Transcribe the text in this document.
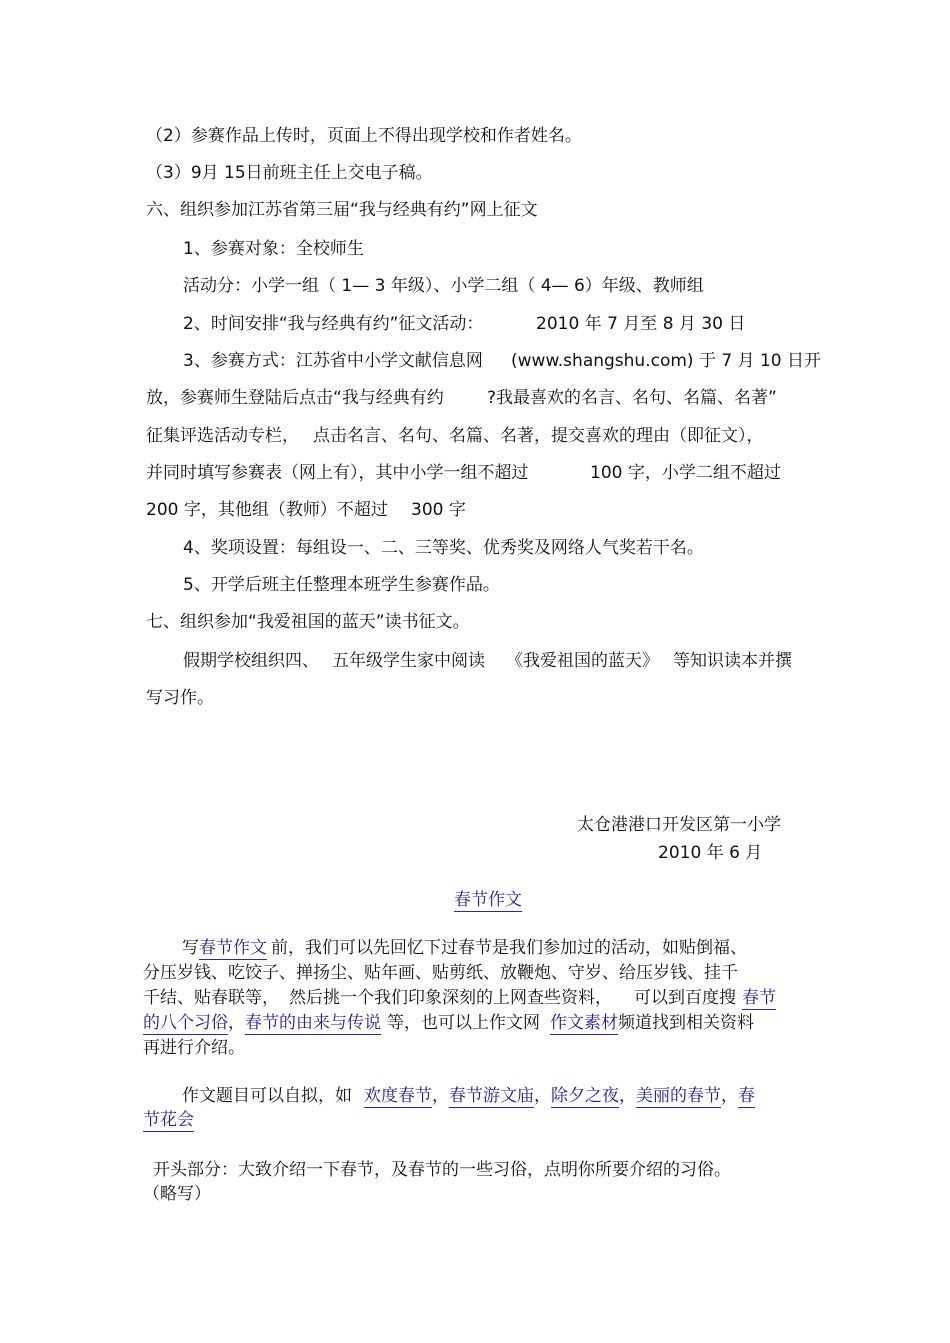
（2）参赛作品上传时，页面上不得出现学校和作者姓名。
（3）9月 15日前班主任上交电子稿。
六、组织参加江苏省第三届“我与经典有约”网上征文
1、参赛对象：全校师生
活动分：小学一组（ 1— 3 年级）、小学二组（ 4— 6）年级、教师组
2、时间安排“我与经典有约”征文活动：	2010 年 7 月至 8 月 30 日
3、参赛方式：江苏省中小学文献信息网 (www.shangshu.com) 于 7 月 10 日开
放，参赛师生登陆后点击“我与经典有约	?我最喜欢的名言、名句、名篇、名著”
征集评选活动专栏， 点击名言、名句、名篇、名著，提交喜欢的理由（即征文），
并同时填写参赛表（网上有），其中小学一组不超过	100 字，小学二组不超过
200 字，其他组（教师）不超过 300 字
4、奖项设置：每组设一、二、三等奖、优秀奖及网络人气奖若干名。
5、开学后班主任整理本班学生参赛作品。
七、组织参加“我爱祖国的蓝天”读书征文。
假期学校组织四、 五年级学生家中阅读 《我爱祖国的蓝天》 等知识读本并撰
写习作。
太仓港港口开发区第一小学
2010 年 6 月
春节作文
写春节作文 前，我们可以先回忆下过春节是我们参加过的活动，如贴倒福、
分压岁钱、吃饺子、掸扬尘、贴年画、贴剪纸、放鞭炮、守岁、给压岁钱、挂千
千结、贴春联等， 然后挑一个我们印象深刻的上网查些资料， 可以到百度搜 春节
的八个习俗，春节的由来与传说 等，也可以上作文网 作文素材频道找到相关资料
再进行介绍。
作文题目可以自拟，如 欢度春节，春节游文庙，除夕之夜，美丽的春节，春
节花会
开头部分：大致介绍一下春节，及春节的一些习俗，点明你所要介绍的习俗。
（略写）
